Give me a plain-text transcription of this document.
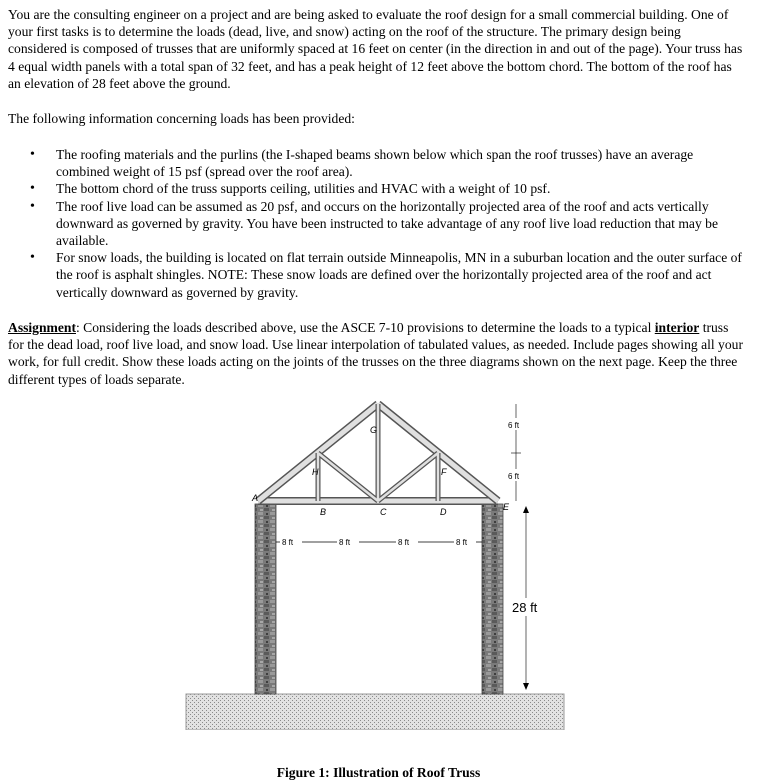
You are the consulting engineer on a project and are being asked to evaluate the roof design for a small commercial building. One of your first tasks is to determine the loads (dead, live, and snow) acting on the roof of the structure. The primary design being considered is composed of trusses that are uniformly spaced at 16 feet on center (in the direction in and out of the page). Your truss has 4 equal width panels with a total span of 32 feet, and has a peak height of 12 feet above the bottom chord. The bottom of the roof has an elevation of 28 feet above the ground.

The following information concerning loads has been provided:

• The roofing materials and the purlins (the I-shaped beams shown below which span the roof trusses) have an average combined weight of 15 psf (spread over the roof area).
• The bottom chord of the truss supports ceiling, utilities and HVAC with a weight of 10 psf.
• The roof live load can be assumed as 20 psf, and occurs on the horizontally projected area of the roof and acts vertically downward as governed by gravity. You have been instructed to take advantage of any roof live load reduction that may be available.
• For snow loads, the building is located on flat terrain outside Minneapolis, MN in a suburban location and the outer surface of the roof is asphalt shingles. NOTE: These snow loads are defined over the horizontally projected area of the roof and act vertically downward as governed by gravity.

Assignment: Considering the loads described above, use the ASCE 7-10 provisions to determine the loads to a typical interior truss for the dead load, roof live load, and snow load. Use linear interpolation of tabulated values, as needed. Include pages showing all your work, for full credit. Show these loads acting on the joints of the trusses on the three diagrams shown on the next page. Keep the three different types of loads separate.

A
B	C	D	E
F
G
H
8 ft	8 ft	8 ft	8 ft
6 ft
6 ft
28 ft
Figure 1: Illustration of Roof Truss
